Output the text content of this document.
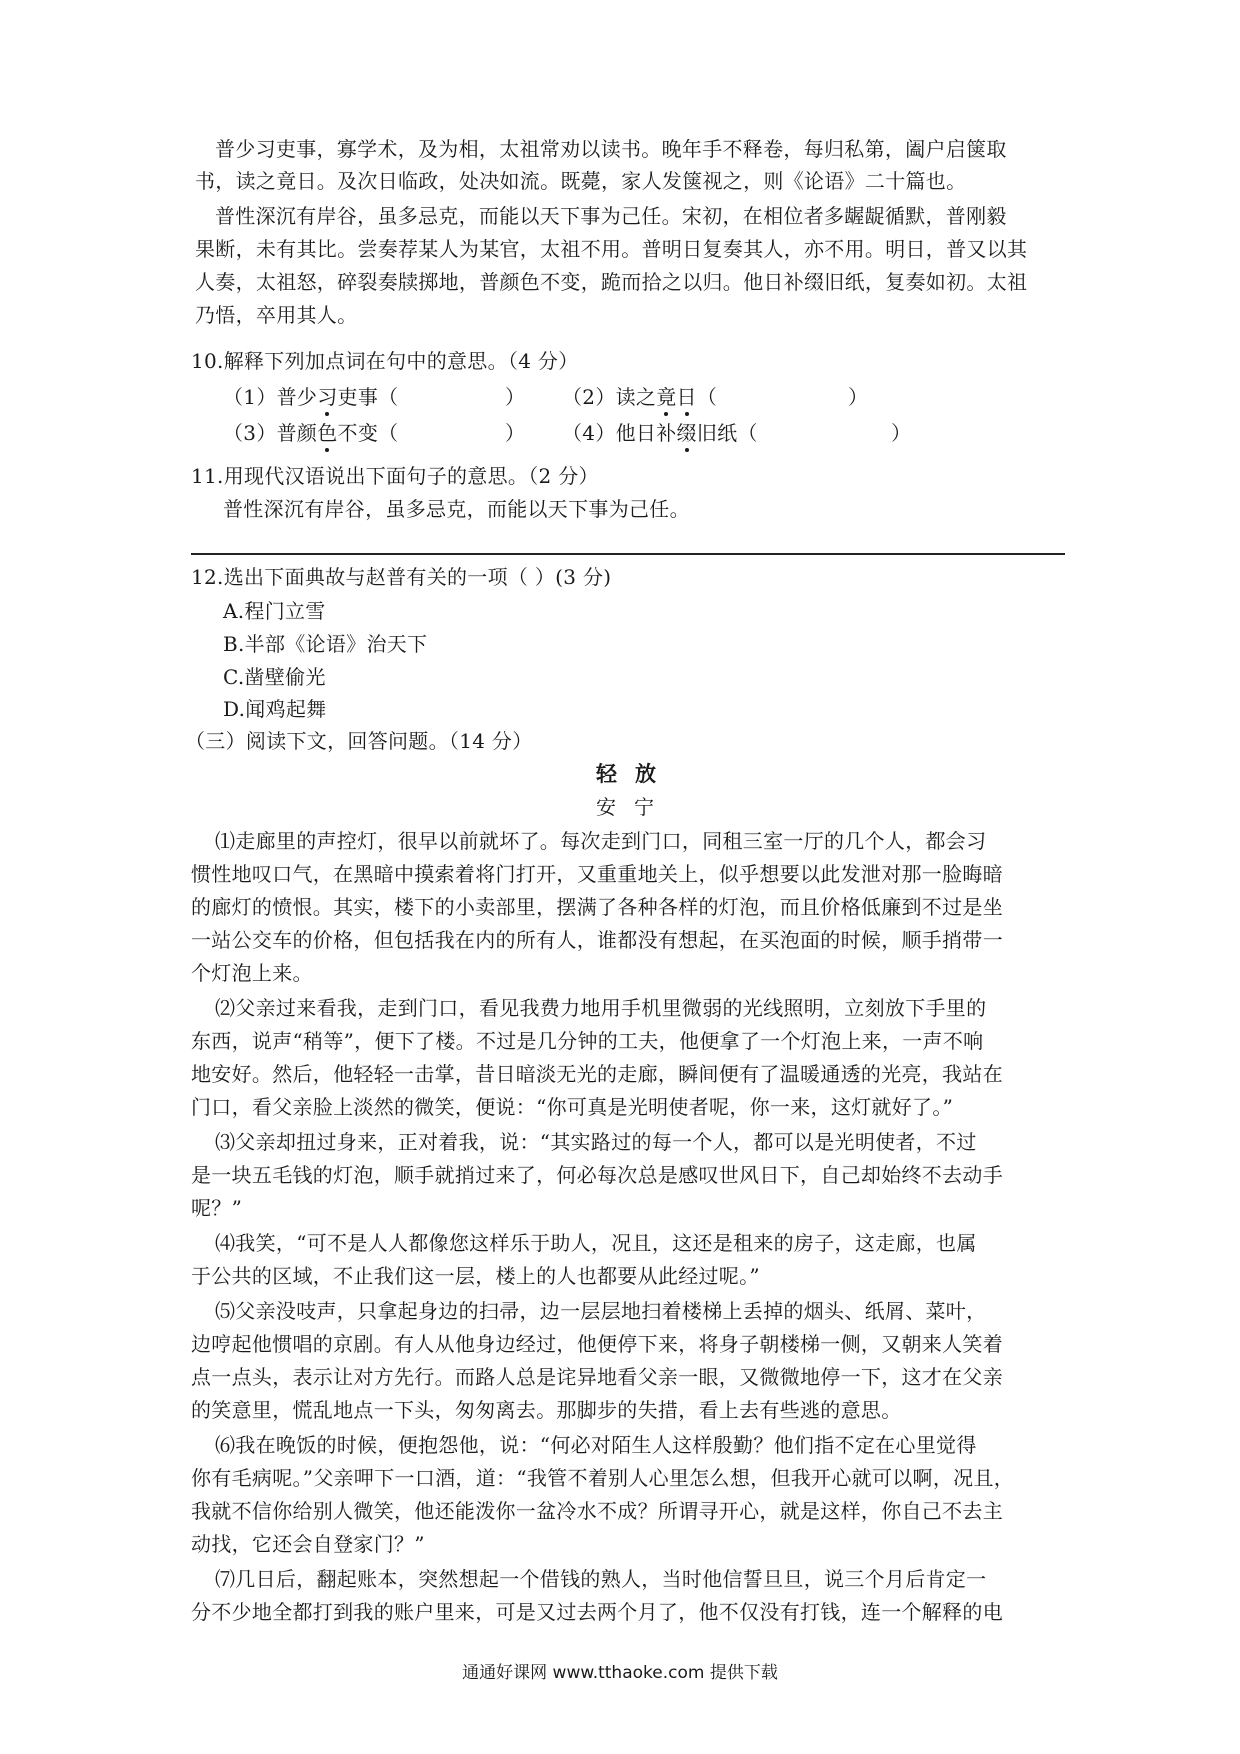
普少习吏事，寡学术，及为相，太祖常劝以读书。晚年手不释卷，每归私第，阖户启箧取
书，读之竟日。及次日临政，处决如流。既薨，家人发箧视之，则《论语》二十篇也。
普性深沉有岸谷，虽多忌克，而能以天下事为己任。宋初，在相位者多龌龊循默，普刚毅
果断，未有其比。尝奏荐某人为某官，太祖不用。普明日复奏其人，亦不用。明日，普又以其
人奏，太祖怒，碎裂奏牍掷地，普颜色不变，跪而拾之以归。他日补缀旧纸，复奏如初。太祖
乃悟，卒用其人。
10.解释下列加点词在句中的意思。（4 分）
（1）普少习吏事（	） （2）读之竟日（	）
（3）普颜色不变（	） （4）他日补缀旧纸（	）
11.用现代汉语说出下面句子的意思。（2 分）
普性深沉有岸谷，虽多忌克，而能以天下事为己任。
12.选出下面典故与赵普有关的一项（ ）(3 分)
A.程门立雪
B.半部《论语》治天下
C.凿壁偷光
D.闻鸡起舞
（三）阅读下文，回答问题。（14 分）
轻放
安宁
⑴走廊里的声控灯，很早以前就坏了。每次走到门口，同租三室一厅的几个人，都会习
惯性地叹口气，在黑暗中摸索着将门打开，又重重地关上，似乎想要以此发泄对那一脸晦暗
的廊灯的愤恨。其实，楼下的小卖部里，摆满了各种各样的灯泡，而且价格低廉到不过是坐
一站公交车的价格，但包括我在内的所有人，谁都没有想起，在买泡面的时候，顺手捎带一
个灯泡上来。
⑵父亲过来看我，走到门口，看见我费力地用手机里微弱的光线照明，立刻放下手里的
东西，说声“稍等”，便下了楼。不过是几分钟的工夫，他便拿了一个灯泡上来，一声不响
地安好。然后，他轻轻一击掌，昔日暗淡无光的走廊，瞬间便有了温暖通透的光亮，我站在
门口，看父亲脸上淡然的微笑，便说：“你可真是光明使者呢，你一来，这灯就好了。”
⑶父亲却扭过身来，正对着我，说：“其实路过的每一个人，都可以是光明使者，不过
是一块五毛钱的灯泡，顺手就捎过来了，何必每次总是感叹世风日下，自己却始终不去动手
呢？”
⑷我笑，“可不是人人都像您这样乐于助人，况且，这还是租来的房子，这走廊，也属
于公共的区域，不止我们这一层，楼上的人也都要从此经过呢。”
⑸父亲没吱声，只拿起身边的扫帚，边一层层地扫着楼梯上丢掉的烟头、纸屑、菜叶，
边哼起他惯唱的京剧。有人从他身边经过，他便停下来，将身子朝楼梯一侧，又朝来人笑着
点一点头，表示让对方先行。而路人总是诧异地看父亲一眼，又微微地停一下，这才在父亲
的笑意里，慌乱地点一下头，匆匆离去。那脚步的失措，看上去有些逃的意思。
⑹我在晚饭的时候，便抱怨他，说：“何必对陌生人这样殷勤？他们指不定在心里觉得
你有毛病呢。”父亲呷下一口酒，道：“我管不着别人心里怎么想，但我开心就可以啊，况且，
我就不信你给别人微笑，他还能泼你一盆冷水不成？所谓寻开心，就是这样，你自己不去主
动找，它还会自登家门？”
⑺几日后，翻起账本，突然想起一个借钱的熟人，当时他信誓旦旦，说三个月后肯定一
分不少地全都打到我的账户里来，可是又过去两个月了，他不仅没有打钱，连一个解释的电
通通好课网 www.tthaoke.com 提供下载
